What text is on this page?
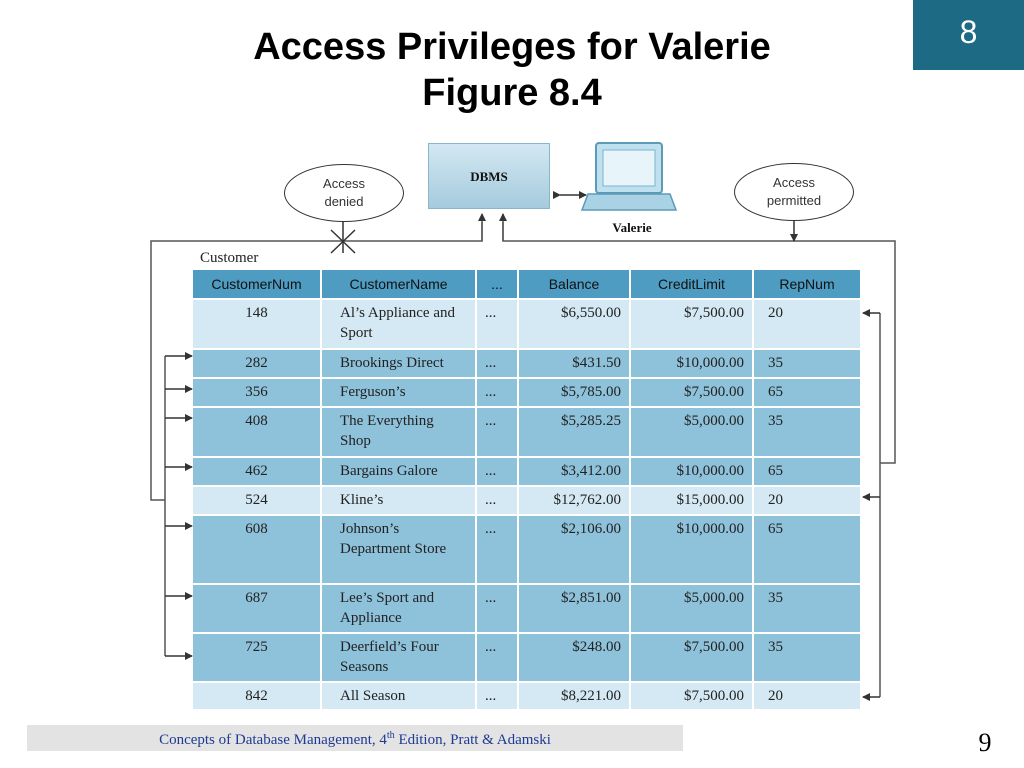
Access Privileges for Valerie
Figure 8.4
8
DBMS
Valerie
Access denied
Access permitted
Customer
CustomerNum	CustomerName	...	Balance	CreditLimit	RepNum
148	Al’s Appliance and Sport	...	$6,550.00	$7,500.00	20
282	Brookings Direct	...	$431.50	$10,000.00	35
356	Ferguson’s	...	$5,785.00	$7,500.00	65
408	The Everything Shop	...	$5,285.25	$5,000.00	35
462	Bargains Galore	...	$3,412.00	$10,000.00	65
524	Kline’s	...	$12,762.00	$15,000.00	20
608	Johnson’s Department Store	...	$2,106.00	$10,000.00	65
687	Lee’s Sport and Appliance	...	$2,851.00	$5,000.00	35
725	Deerfield’s Four Seasons	...	$248.00	$7,500.00	35
842	All Season	...	$8,221.00	$7,500.00	20
Concepts of Database Management, 4th Edition, Pratt & Adamski	9
